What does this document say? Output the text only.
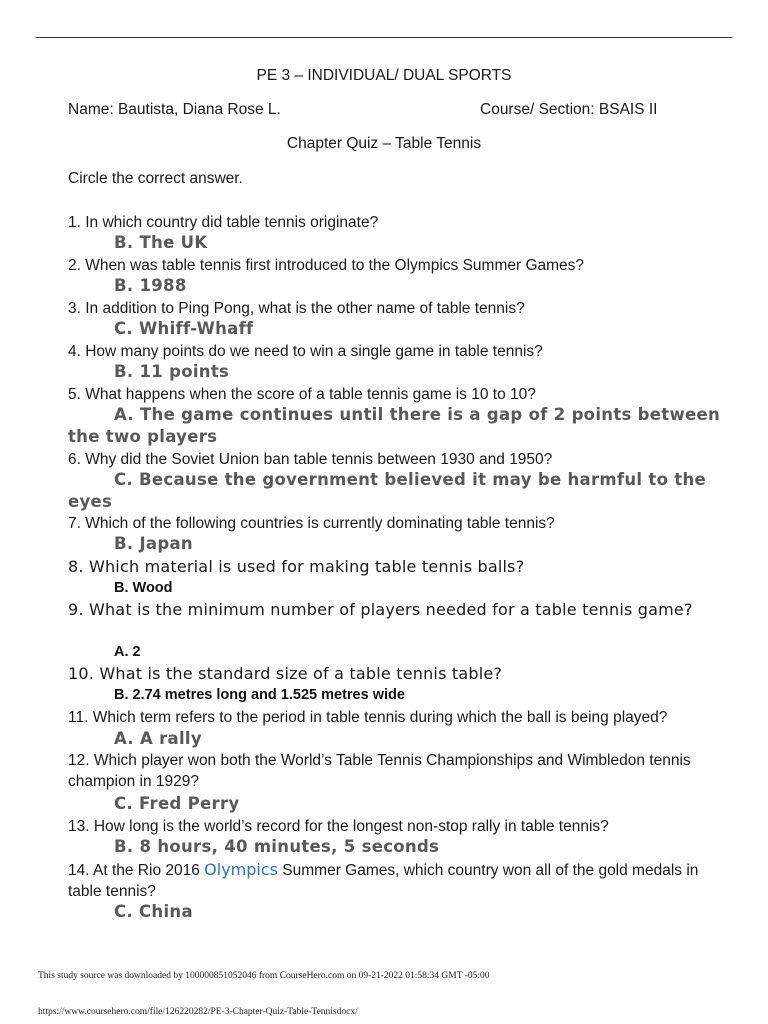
PE 3 – INDIVIDUAL/ DUAL SPORTS
Name: Bautista, Diana Rose L.	Course/ Section: BSAIS II
Chapter Quiz – Table Tennis
Circle the correct answer.
1. In which country did table tennis originate?
B. The UK
2. When was table tennis first introduced to the Olympics Summer Games?
B. 1988
3. In addition to Ping Pong, what is the other name of table tennis?
C. Whiff-Whaff
4. How many points do we need to win a single game in table tennis?
B. 11 points
5. What happens when the score of a table tennis game is 10 to 10?
A. The game continues until there is a gap of 2 points between the two players
6. Why did the Soviet Union ban table tennis between 1930 and 1950?
C. Because the government believed it may be harmful to the eyes
7. Which of the following countries is currently dominating table tennis?
B. Japan
8. Which material is used for making table tennis balls?
B. Wood
9. What is the minimum number of players needed for a table tennis game?
A. 2
10. What is the standard size of a table tennis table?
B. 2.74 metres long and 1.525 metres wide
11. Which term refers to the period in table tennis during which the ball is being played?
A. A rally
12. Which player won both the World’s Table Tennis Championships and Wimbledon tennis champion in 1929?
C. Fred Perry
13. How long is the world’s record for the longest non-stop rally in table tennis?
B. 8 hours, 40 minutes, 5 seconds
14. At the Rio 2016 Olympics Summer Games, which country won all of the gold medals in table tennis?
C. China
This study source was downloaded by 100000851052046 from CourseHero.com on 09-21-2022 01:58:34 GMT -05:00
https://www.coursehero.com/file/126220282/PE-3-Chapter-Quiz-Table-Tennisdocx/
